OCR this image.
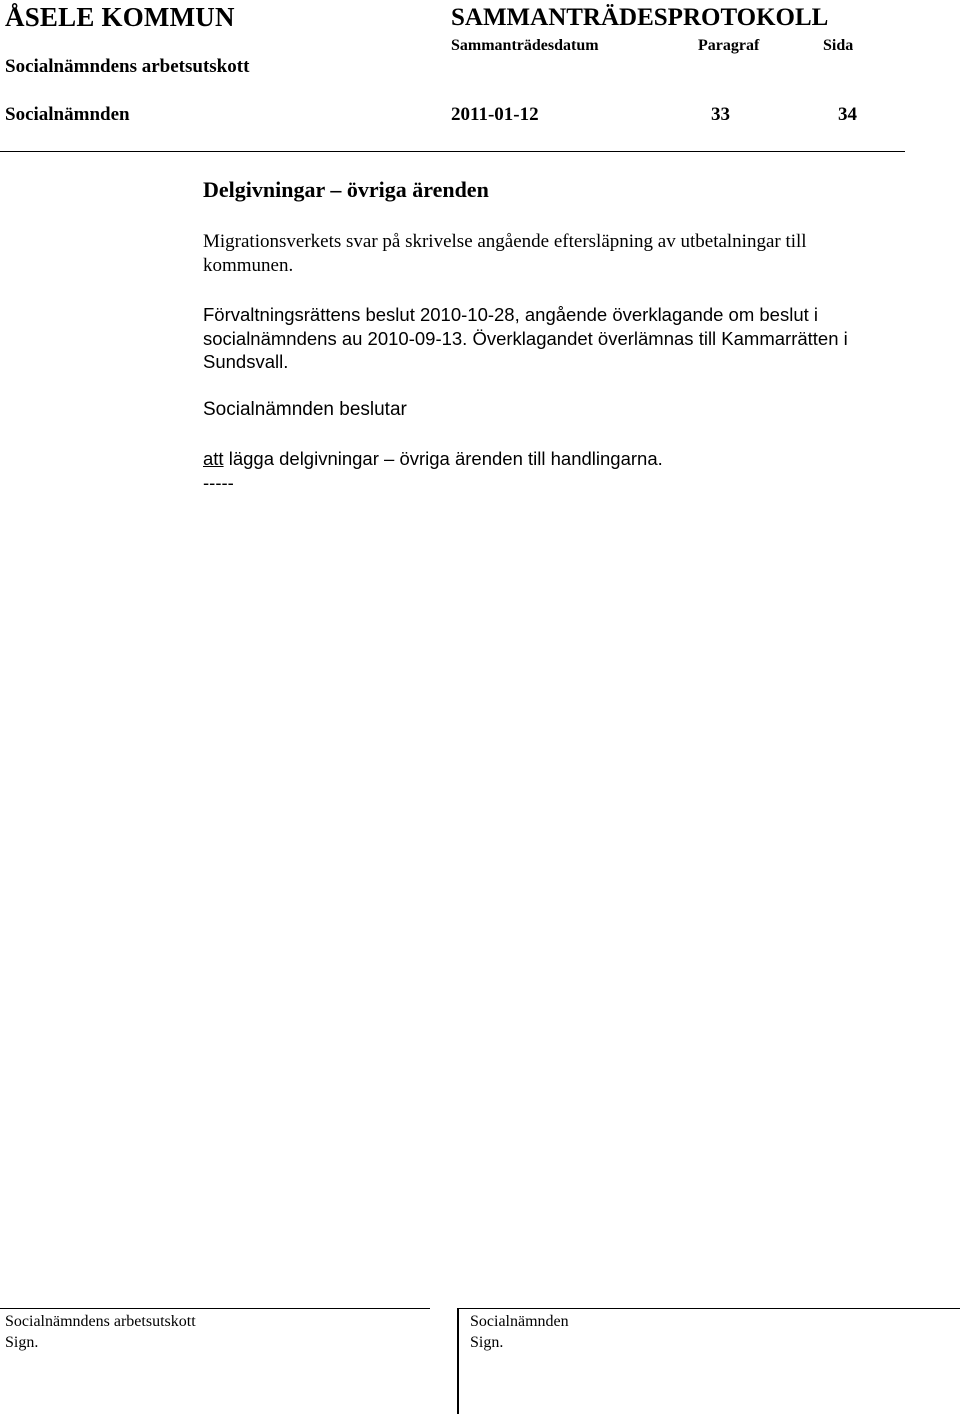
ÅSELE KOMMUN	SAMMANTRÄDESPROTOKOLL
Sammanträdesdatum	Paragraf	Sida
Socialnämndens arbetsutskott
Socialnämnden	2011-01-12	33	34
Delgivningar – övriga ärenden
Migrationsverkets svar på skrivelse angående eftersläpning av utbetalningar till kommunen.
Förvaltningsrättens beslut 2010-10-28, angående överklagande om beslut i socialnämndens au 2010-09-13. Överklagandet överlämnas till Kammarrätten i Sundsvall.
Socialnämnden beslutar
att lägga delgivningar – övriga ärenden till handlingarna.
-----
Socialnämndens arbetsutskott
Sign.
Socialnämnden
Sign.
